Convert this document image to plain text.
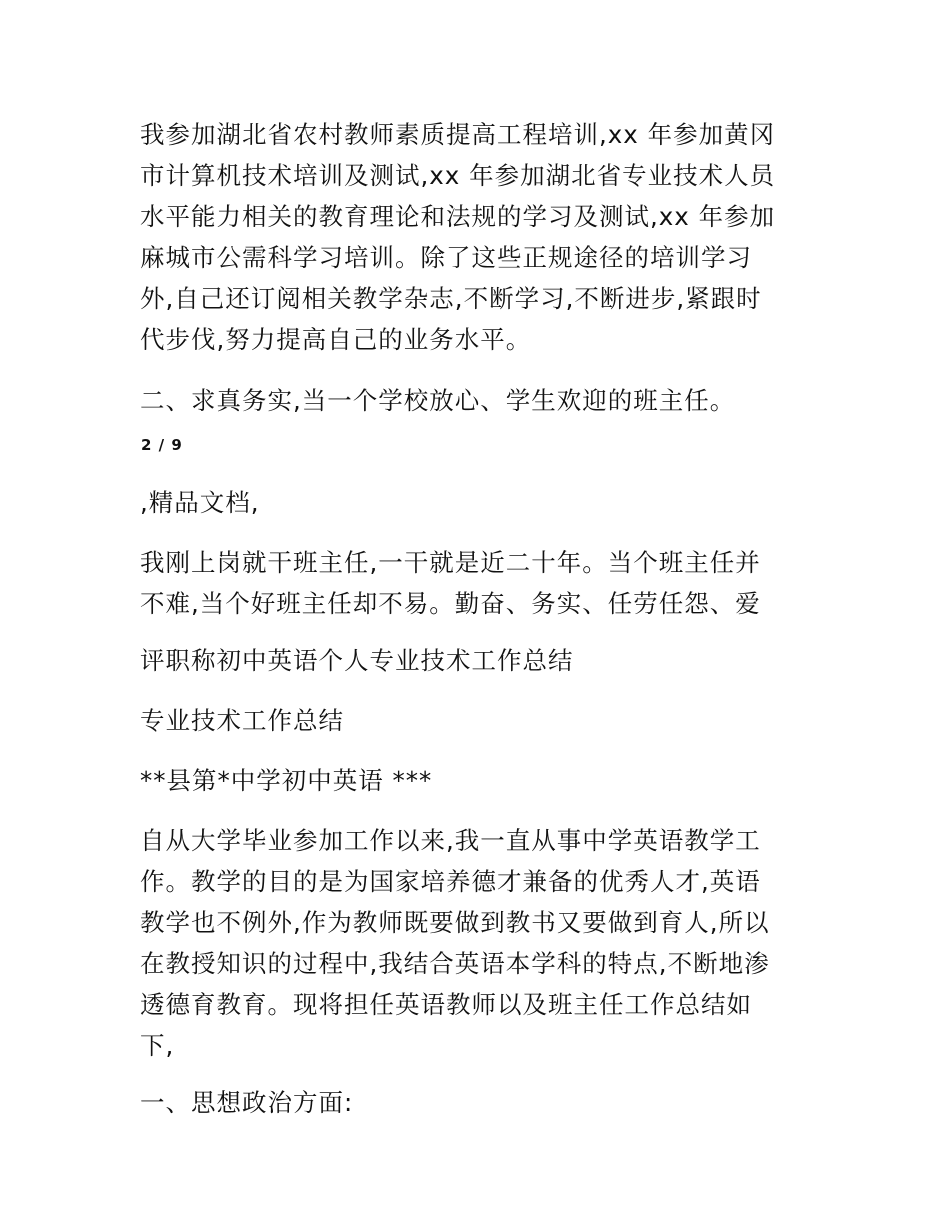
我参加湖北省农村教师素质提高工程培训,xx 年参加黄冈
市计算机技术培训及测试,xx 年参加湖北省专业技术人员
水平能力相关的教育理论和法规的学习及测试,xx 年参加
麻城市公需科学习培训。除了这些正规途径的培训学习
外,自己还订阅相关教学杂志,不断学习,不断进步,紧跟时
代步伐,努力提高自己的业务水平。
二、求真务实,当一个学校放心、学生欢迎的班主任。
2 / 9
,精品文档,
我刚上岗就干班主任,一干就是近二十年。当个班主任并
不难,当个好班主任却不易。勤奋、务实、任劳任怨、爱
评职称初中英语个人专业技术工作总结
专业技术工作总结
**县第*中学初中英语 ***
自从大学毕业参加工作以来,我一直从事中学英语教学工
作。教学的目的是为国家培养德才兼备的优秀人才,英语
教学也不例外,作为教师既要做到教书又要做到育人,所以
在教授知识的过程中,我结合英语本学科的特点,不断地渗
透德育教育。现将担任英语教师以及班主任工作总结如
下,
一、思想政治方面:
